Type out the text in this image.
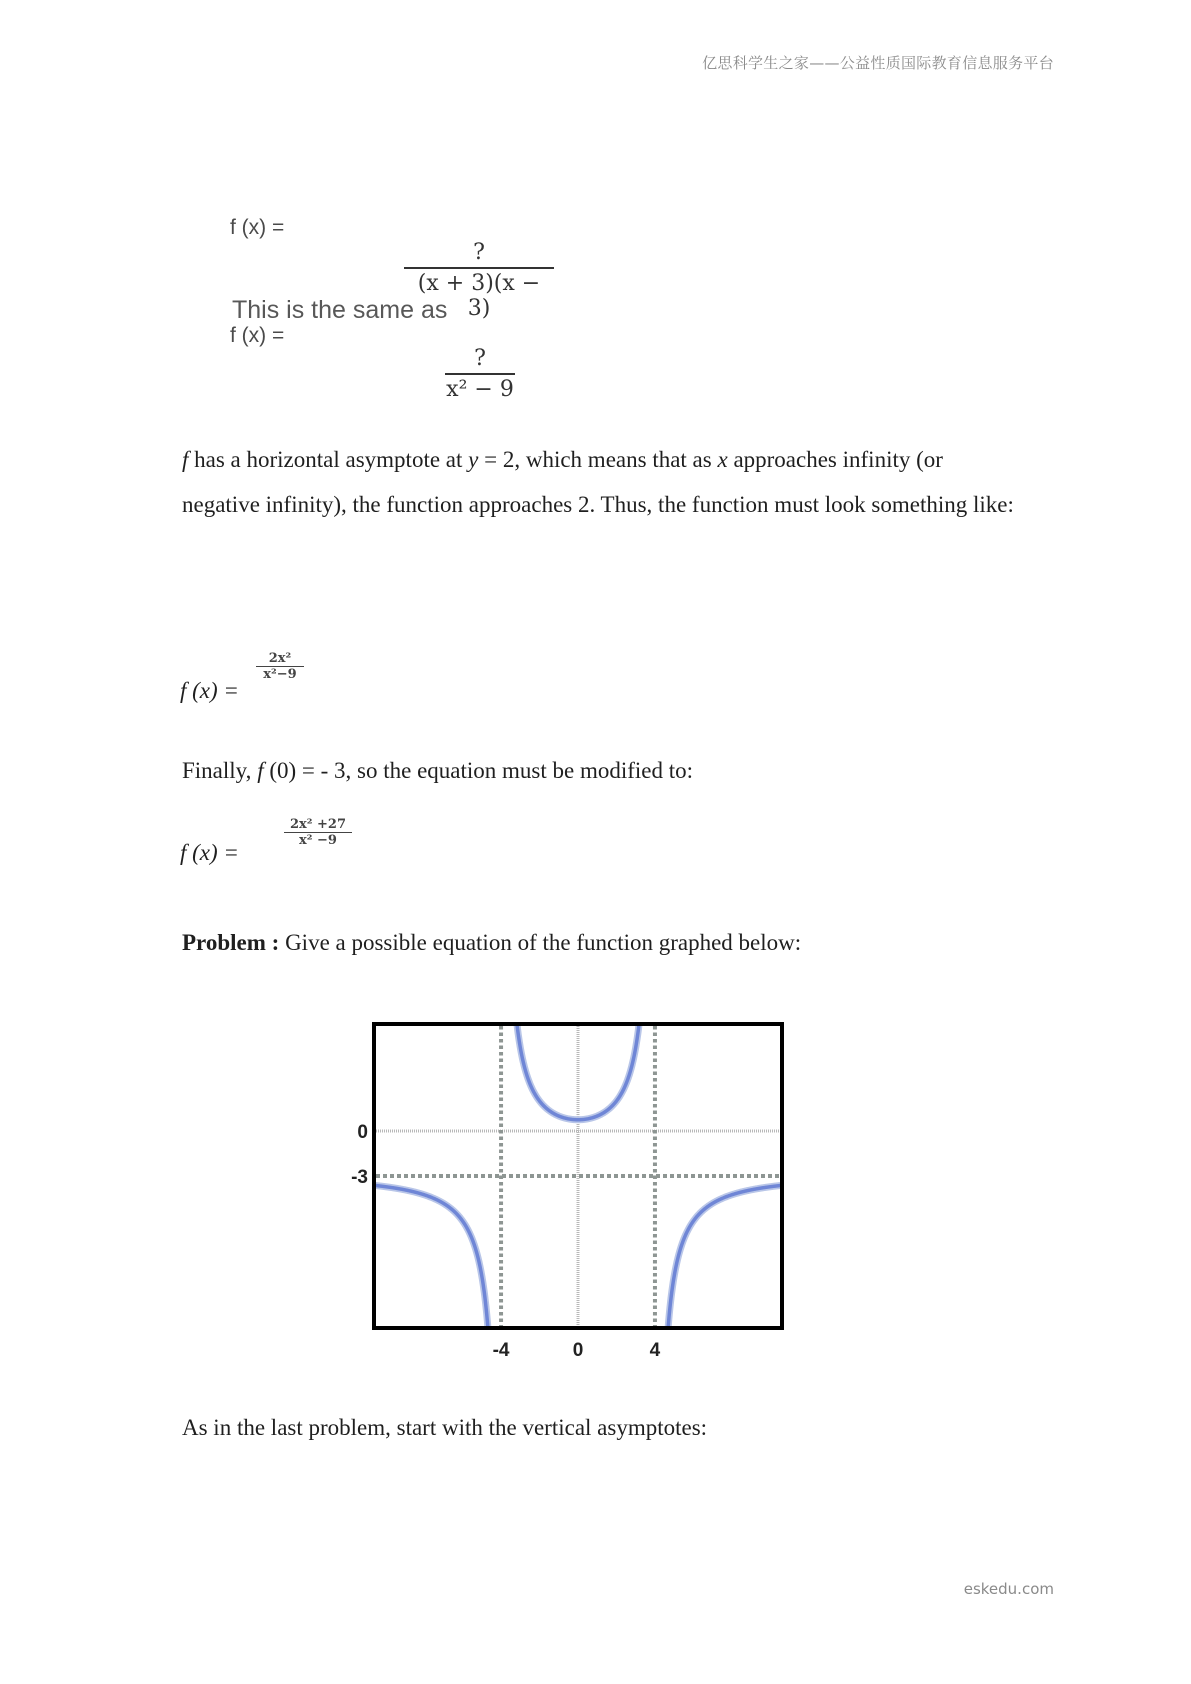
亿思科学生之家——公益性质国际教育信息服务平台
f (x) =
?
(x + 3)(x − 3)
This is the same as
f (x) =
?
x² − 9
f has a horizontal asymptote at y = 2, which means that as x approaches infinity (or negative infinity), the function approaches 2. Thus, the function must look something like:
f (x) =
2x²
x²−9
Finally, f (0) = - 3, so the equation must be modified to:
f (x) =
2x² +27
x² −9
Problem : Give a possible equation of the function graphed below:
-4	0	4
0
-3
As in the last problem, start with the vertical asymptotes:
eskedu.com
